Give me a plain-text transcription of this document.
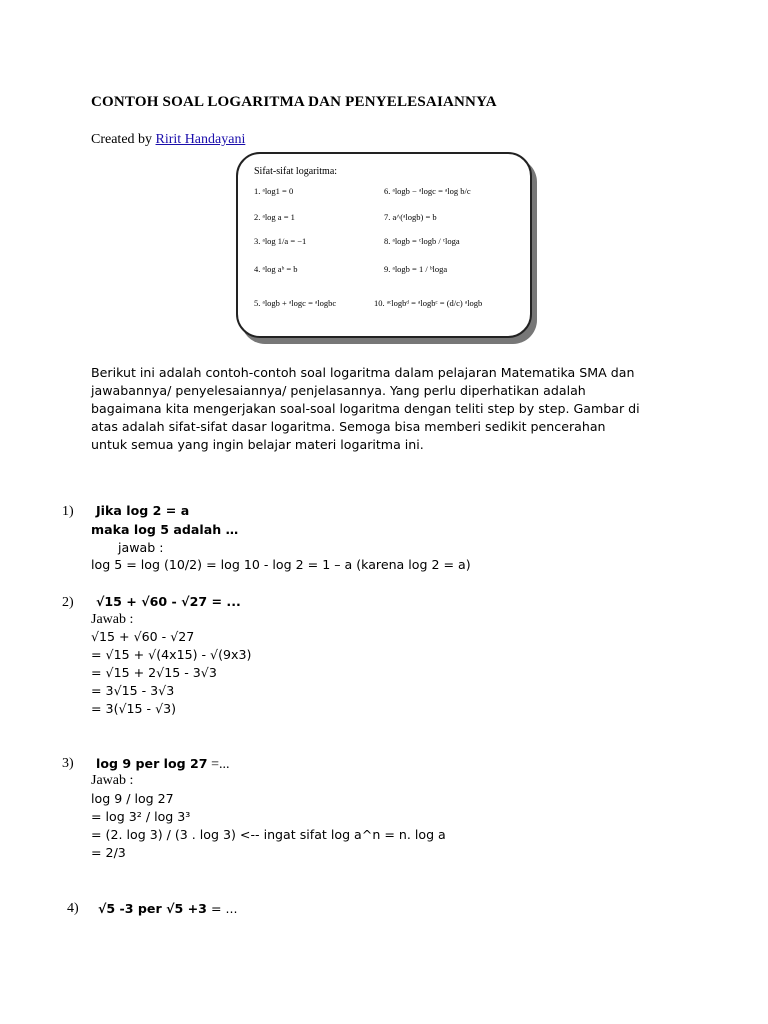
CONTOH SOAL LOGARITMA DAN PENYELESAIANNYA
Created by Ririt Handayani
Sifat-sifat logaritma:
1. ᵃlog1 = 0
2. ᵃlog a = 1
3. ᵃlog 1/a = −1
4. ᵃlog aᵇ = b
5. ᵃlogb + ᵃlogc = ᵃlogbc
6. ᵃlogb − ᵃlogc = ᵃlog b/c
7. a^(ᵃlogb) = b
8. ᵃlogb = ᶜlogb / ᶜloga
9. ᵃlogb = 1 / ᵇloga
10. ᵃᶜlogbᵈ = ᵃlogbᶜ = (d/c) ᵃlogb
Berikut ini adalah contoh-contoh soal logaritma dalam pelajaran Matematika SMA dan
jawabannya/ penyelesaiannya/ penjelasannya. Yang perlu diperhatikan adalah
bagaimana kita mengerjakan soal-soal logaritma dengan teliti step by step. Gambar di
atas adalah sifat-sifat dasar logaritma. Semoga bisa memberi sedikit pencerahan
untuk semua yang ingin belajar materi logaritma ini.
1) Jika log 2 = a
maka log 5 adalah …
jawab :
log 5 = log (10/2) = log 10 - log 2 = 1 – a (karena log 2 = a)
2) √15 + √60 - √27 = ...
Jawab :
√15 + √60 - √27
= √15 + √(4x15) - √(9x3)
= √15 + 2√15 - 3√3
= 3√15 - 3√3
= 3(√15 - √3)
3) log 9 per log 27 =...
Jawab :
log 9 / log 27
= log 3² / log 3³
= (2. log 3) / (3 . log 3) <-- ingat sifat log a^n = n. log a
= 2/3
4) √5 -3 per √5 +3 = ...
